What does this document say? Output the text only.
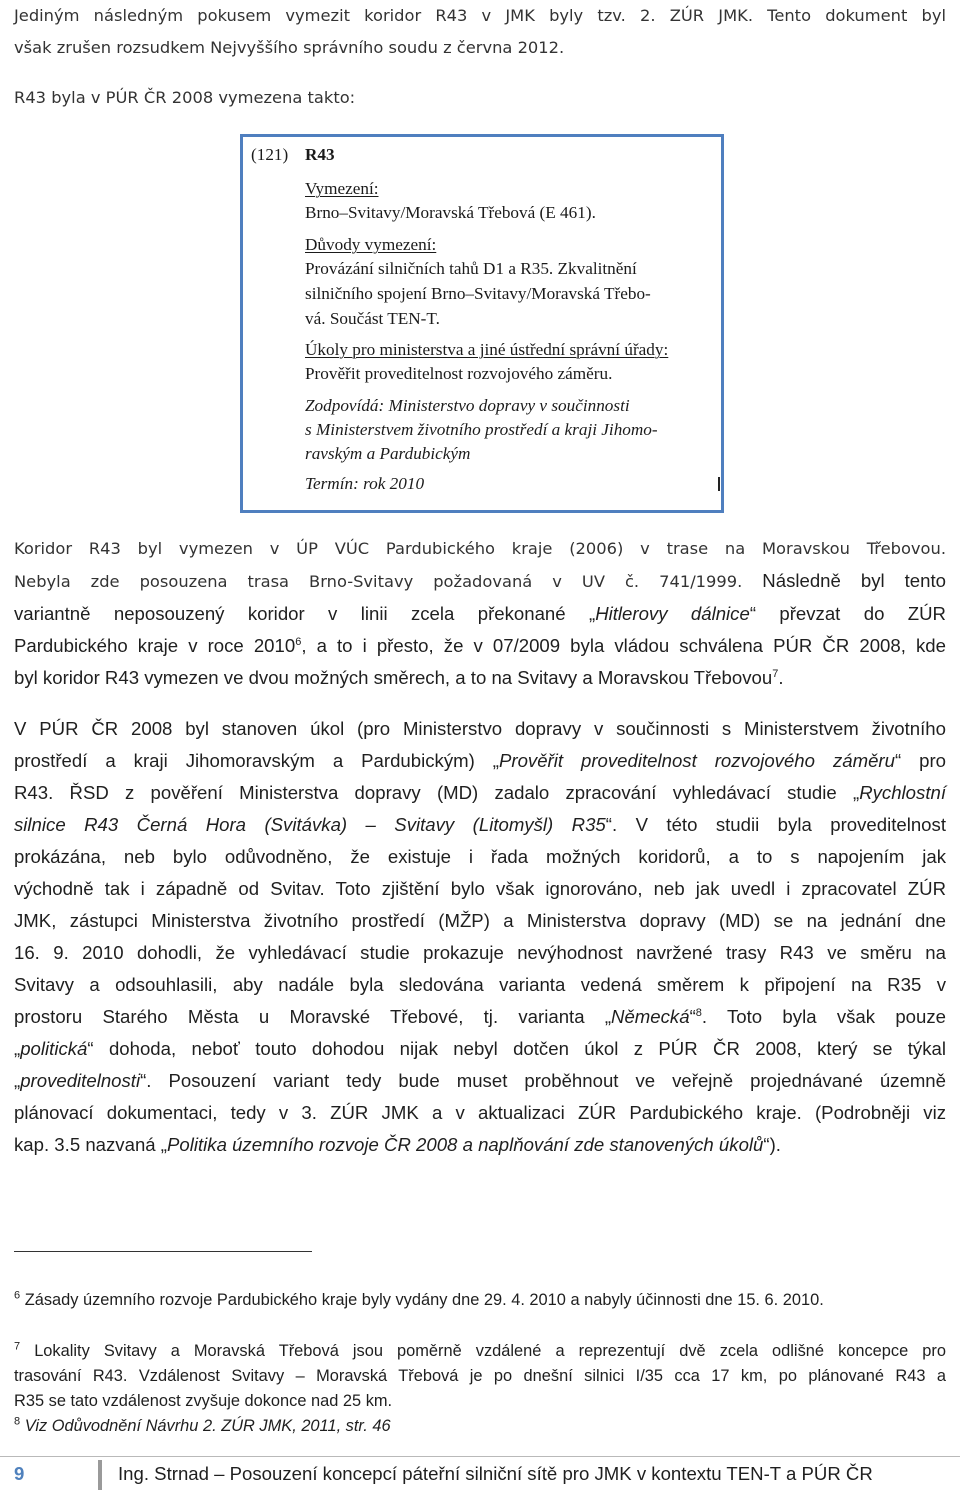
Jediným následným pokusem vymezit koridor R43 v JMK byly tzv. 2. ZÚR JMK. Tento dokument byl
však zrušen rozsudkem Nejvyššího správního soudu z června 2012.
R43 byla v PÚR ČR 2008 vymezena takto:
(121) R43
Vymezení:
Brno–Svitavy/Moravská Třebová (E 461).
Důvody vymezení:
Provázání silničních tahů D1 a R35. Zkvalitnění
silničního spojení Brno–Svitavy/Moravská Třebo-
vá. Součást TEN-T.
Úkoly pro ministerstva a jiné ústřední správní úřady:
Prověřit proveditelnost rozvojového záměru.
Zodpovídá: Ministerstvo dopravy v součinnosti
s Ministerstvem životního prostředí a kraji Jihomo-
ravským a Pardubickým
Termín: rok 2010
Koridor R43 byl vymezen v ÚP VÚC Pardubického kraje (2006) v trase na Moravskou Třebovou.
Nebyla zde posouzena trasa Brno-Svitavy požadovaná v UV č. 741/1999. Následně byl tento
variantně neposouzený koridor v linii zcela překonané „Hitlerovy dálnice“ převzat do ZÚR
Pardubického kraje v roce 2010$^6$, a to i přesto, že v 07/2009 byla vládou schválena PÚR ČR 2008, kde
byl koridor R43 vymezen ve dvou možných směrech, a to na Svitavy a Moravskou Třebovou$^7$.
V PÚR ČR 2008 byl stanoven úkol (pro Ministerstvo dopravy v součinnosti s Ministerstvem životního
prostředí a kraji Jihomoravským a Pardubickým) „Prověřit proveditelnost rozvojového záměru“ pro
R43. ŘSD z pověření Ministerstva dopravy (MD) zadalo zpracování vyhledávací studie „Rychlostní
silnice R43 Černá Hora (Svitávka) – Svitavy (Litomyšl) R35“. V této studii byla proveditelnost
prokázána, neb bylo odůvodněno, že existuje i řada možných koridorů, a to s napojením jak
východně tak i západně od Svitav. Toto zjištění bylo však ignorováno, neb jak uvedl i zpracovatel ZÚR
JMK, zástupci Ministerstva životního prostředí (MŽP) a Ministerstva dopravy (MD) se na jednání dne
16. 9. 2010 dohodli, že vyhledávací studie prokazuje nevýhodnost navržené trasy R43 ve směru na
Svitavy a odsouhlasili, aby nadále byla sledována varianta vedená směrem k připojení na R35 v
prostoru Starého Města u Moravské Třebové, tj. varianta „Německá“$^8$. Toto byla však pouze
„politická“ dohoda, neboť touto dohodou nijak nebyl dotčen úkol z PÚR ČR 2008, který se týkal
„proveditelnosti“. Posouzení variant tedy bude muset proběhnout ve veřejně projednávané územně
plánovací dokumentaci, tedy v 3. ZÚR JMK a v aktualizaci ZÚR Pardubického kraje. (Podrobněji viz
kap. 3.5 nazvaná „Politika územního rozvoje ČR 2008 a naplňování zde stanovených úkolů“).
$^6$ Zásady územního rozvoje Pardubického kraje byly vydány dne 29. 4. 2010 a nabyly účinnosti dne 15. 6. 2010.
$^7$ Lokality Svitavy a Moravská Třebová jsou poměrně vzdálené a reprezentují dvě zcela odlišné koncepce pro
trasování R43. Vzdálenost Svitavy – Moravská Třebová je po dnešní silnici I/35 cca 17 km, po plánované R43 a
R35 se tato vzdálenost zvyšuje dokonce nad 25 km.
$^8$ Viz Odůvodnění Návrhu 2. ZÚR JMK, 2011, str. 46
9	Ing. Strnad – Posouzení koncepcí páteřní silniční sítě pro JMK v kontextu TEN-T a PÚR ČR
